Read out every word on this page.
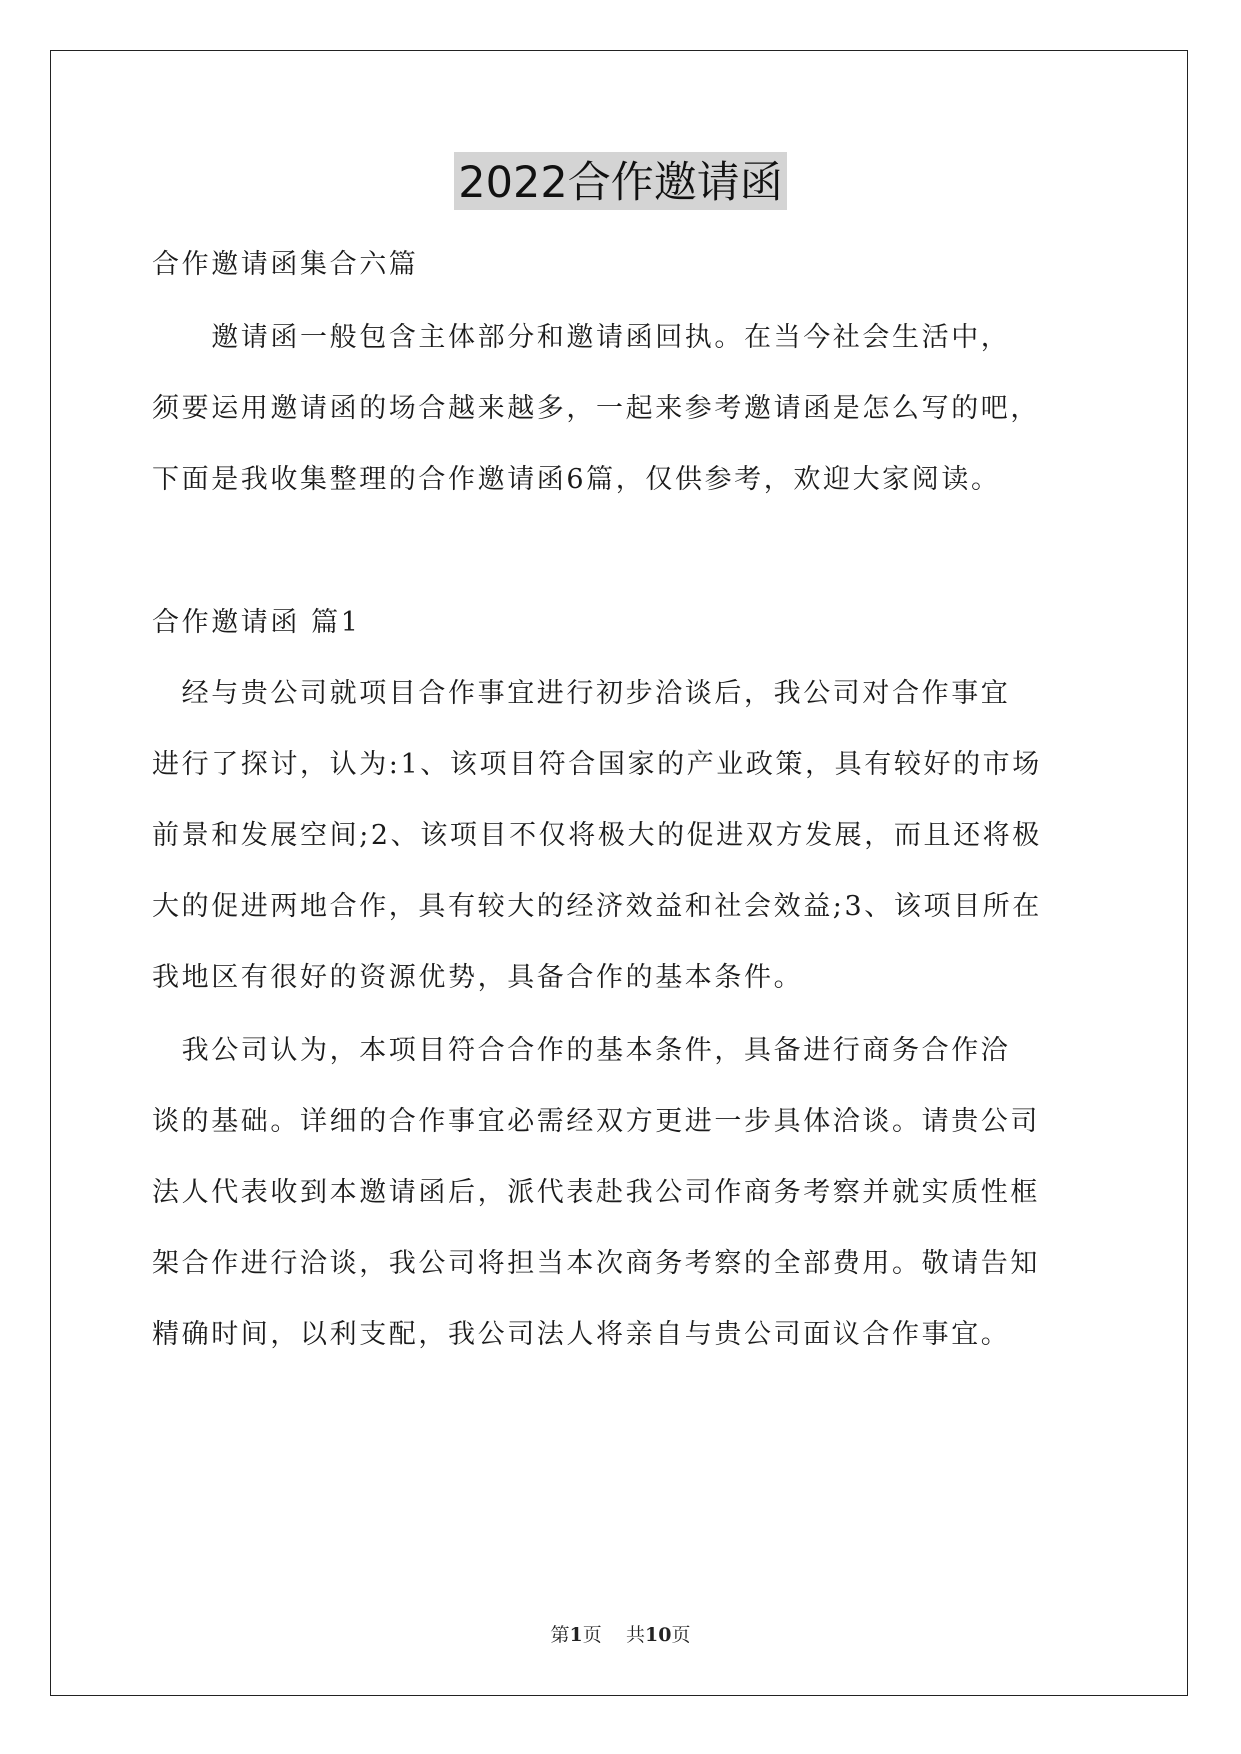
2022合作邀请函
合作邀请函集合六篇
　　邀请函一般包含主体部分和邀请函回执。在当今社会生活中，
须要运用邀请函的场合越来越多，一起来参考邀请函是怎么写的吧，
下面是我收集整理的合作邀请函6篇，仅供参考，欢迎大家阅读。
合作邀请函 篇1
　经与贵公司就项目合作事宜进行初步洽谈后，我公司对合作事宜
进行了探讨，认为:1、该项目符合国家的产业政策，具有较好的市场
前景和发展空间;2、该项目不仅将极大的促进双方发展，而且还将极
大的促进两地合作，具有较大的经济效益和社会效益;3、该项目所在
我地区有很好的资源优势，具备合作的基本条件。
　我公司认为，本项目符合合作的基本条件，具备进行商务合作洽
谈的基础。详细的合作事宜必需经双方更进一步具体洽谈。请贵公司
法人代表收到本邀请函后，派代表赴我公司作商务考察并就实质性框
架合作进行洽谈，我公司将担当本次商务考察的全部费用。敬请告知
精确时间，以利支配，我公司法人将亲自与贵公司面议合作事宜。
第1页 共10页
